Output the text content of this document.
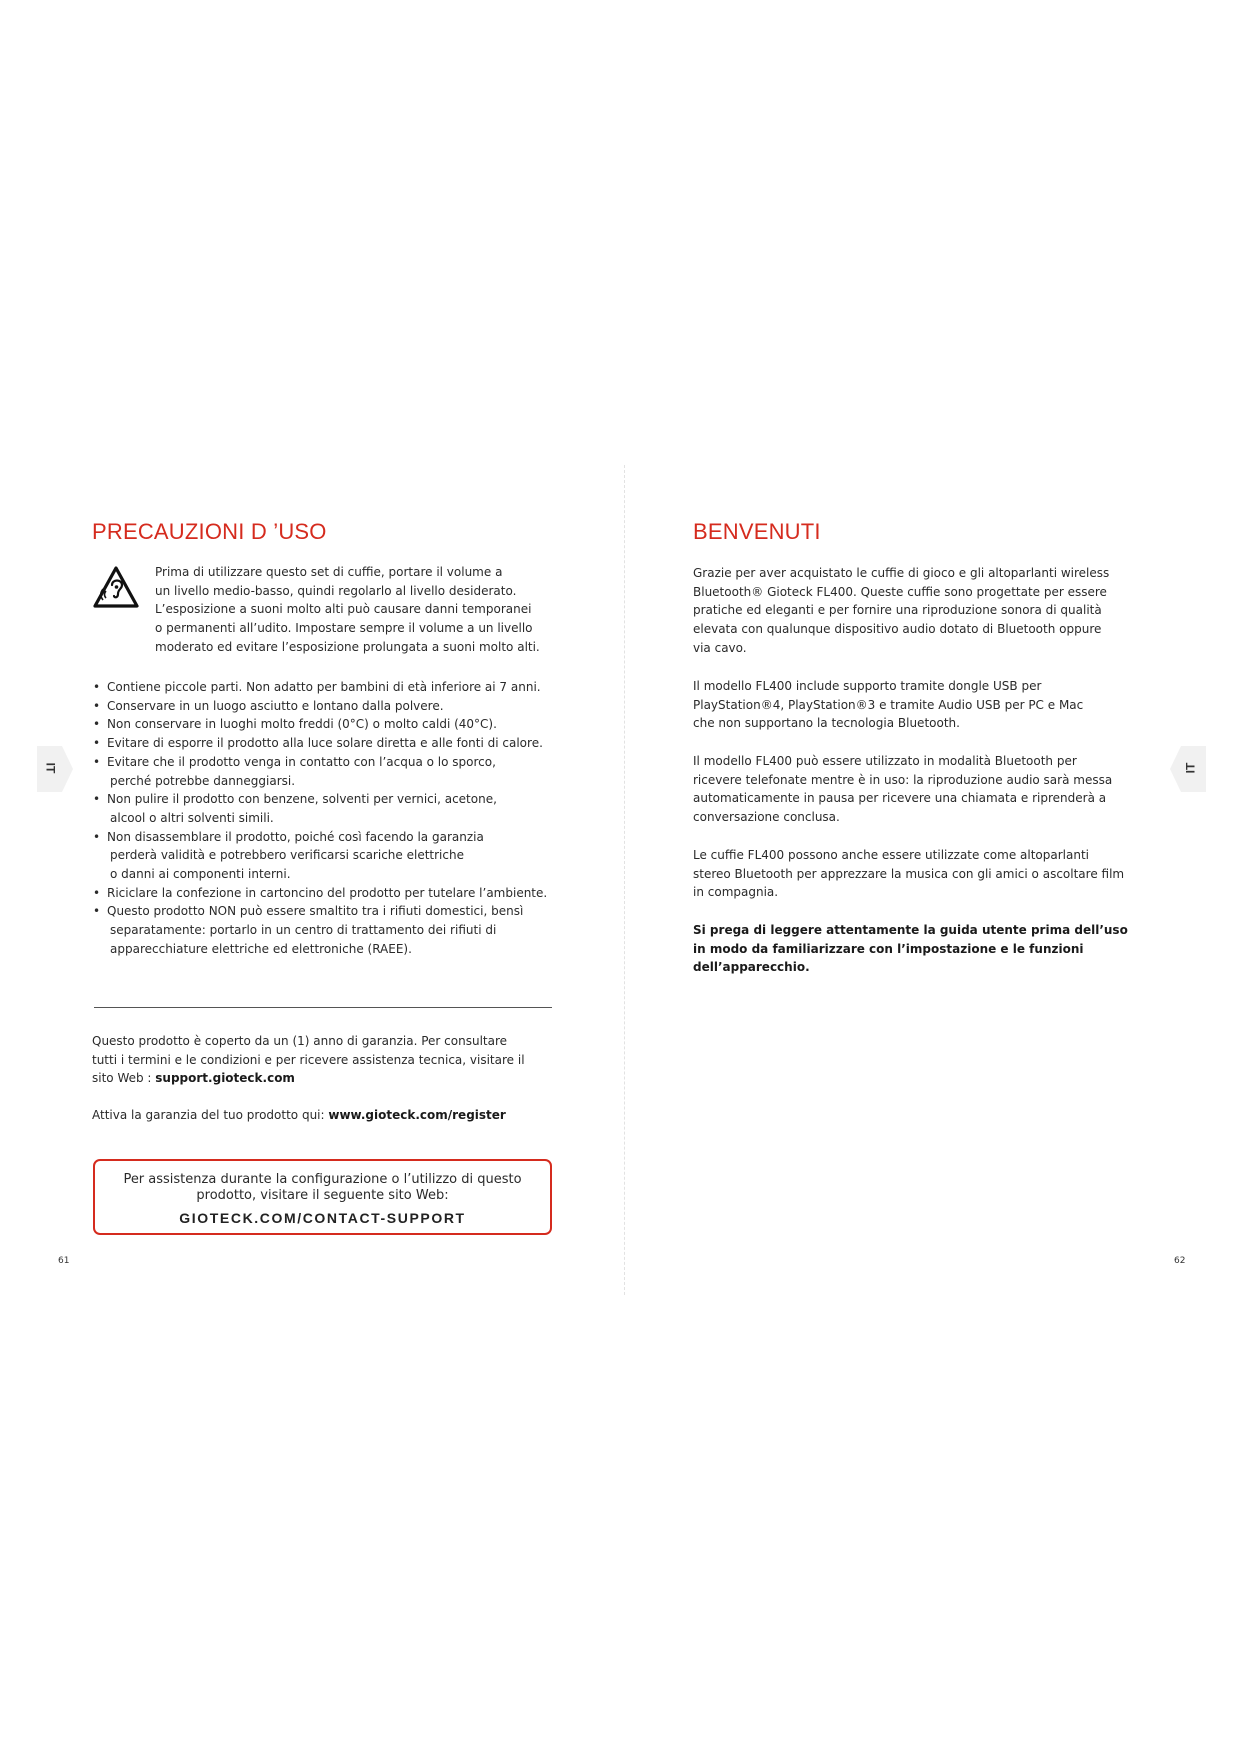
PRECAUZIONI D ’USO

Prima di utilizzare questo set di cuffie, portare il volume a

un livello medio-basso, quindi regolarlo al livello desiderato.

L’esposizione a suoni molto alti può causare danni temporanei

o permanenti all’udito. Impostare sempre il volume a un livello

moderato ed evitare l’esposizione prolungata a suoni molto alti.

• Contiene piccole parti. Non adatto per bambini di età inferiore ai 7 anni.
• Conservare in un luogo asciutto e lontano dalla polvere.
• Non conservare in luoghi molto freddi (0°C) o molto caldi (40°C).
• Evitare di esporre il prodotto alla luce solare diretta e alle fonti di calore.
• Evitare che il prodotto venga in contatto con l’acqua o lo sporco,
perché potrebbe danneggiarsi.
• Non pulire il prodotto con benzene, solventi per vernici, acetone,
alcool o altri solventi simili.
• Non disassemblare il prodotto, poiché così facendo la garanzia
perderà validità e potrebbero verificarsi scariche elettriche
o danni ai componenti interni.
• Riciclare la confezione in cartoncino del prodotto per tutelare l’ambiente.
• Questo prodotto NON può essere smaltito tra i rifiuti domestici, bensì
separatamente: portarlo in un centro di trattamento dei rifiuti di
apparecchiature elettriche ed elettroniche (RAEE).

Questo prodotto è coperto da un (1) anno di garanzia. Per consultare

tutti i termini e le condizioni e per ricevere assistenza tecnica, visitare il

sito Web : support.gioteck.com

Attiva la garanzia del tuo prodotto qui: www.gioteck.com/register

Per assistenza durante la configurazione o l’utilizzo di questo

prodotto, visitare il seguente sito Web:

GIOTECK.COM/CONTACT-SUPPORT

IT
61
BENVENUTI

Grazie per aver acquistato le cuffie di gioco e gli altoparlanti wireless

Bluetooth® Gioteck FL400. Queste cuffie sono progettate per essere

pratiche ed eleganti e per fornire una riproduzione sonora di qualità

elevata con qualunque dispositivo audio dotato di Bluetooth oppure

via cavo.

Il modello FL400 include supporto tramite dongle USB per

PlayStation®4, PlayStation®3 e tramite Audio USB per PC e Mac

che non supportano la tecnologia Bluetooth.

Il modello FL400 può essere utilizzato in modalità Bluetooth per

ricevere telefonate mentre è in uso: la riproduzione audio sarà messa

automaticamente in pausa per ricevere una chiamata e riprenderà a

conversazione conclusa.

Le cuffie FL400 possono anche essere utilizzate come altoparlanti

stereo Bluetooth per apprezzare la musica con gli amici o ascoltare film

in compagnia.

Si prega di leggere attentamente la guida utente prima dell’uso

in modo da familiarizzare con l’impostazione e le funzioni

dell’apparecchio.

IT
62
